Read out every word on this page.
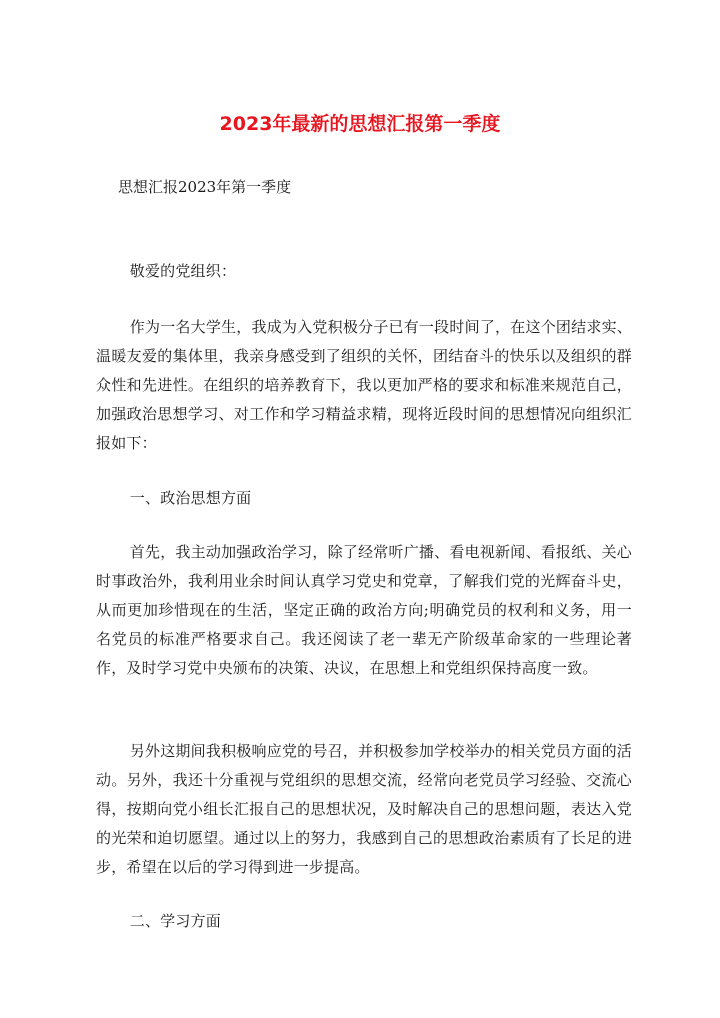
2023年最新的思想汇报第一季度
思想汇报2023年第一季度
敬爱的党组织：
作为一名大学生，我成为入党积极分子已有一段时间了，在这个团结求实、温暖友爱的集体里，我亲身感受到了组织的关怀，团结奋斗的快乐以及组织的群众性和先进性。在组织的培养教育下，我以更加严格的要求和标准来规范自己，加强政治思想学习、对工作和学习精益求精，现将近段时间的思想情况向组织汇报如下：
一、政治思想方面
首先，我主动加强政治学习，除了经常听广播、看电视新闻、看报纸、关心时事政治外，我利用业余时间认真学习党史和党章，了解我们党的光辉奋斗史，从而更加珍惜现在的生活，坚定正确的政治方向;明确党员的权利和义务，用一名党员的标准严格要求自己。我还阅读了老一辈无产阶级革命家的一些理论著作，及时学习党中央颁布的决策、决议，在思想上和党组织保持高度一致。
另外这期间我积极响应党的号召，并积极参加学校举办的相关党员方面的活动。另外，我还十分重视与党组织的思想交流，经常向老党员学习经验、交流心得，按期向党小组长汇报自己的思想状况，及时解决自己的思想问题，表达入党的光荣和迫切愿望。通过以上的努力，我感到自己的思想政治素质有了长足的进步，希望在以后的学习得到进一步提高。
二、学习方面
